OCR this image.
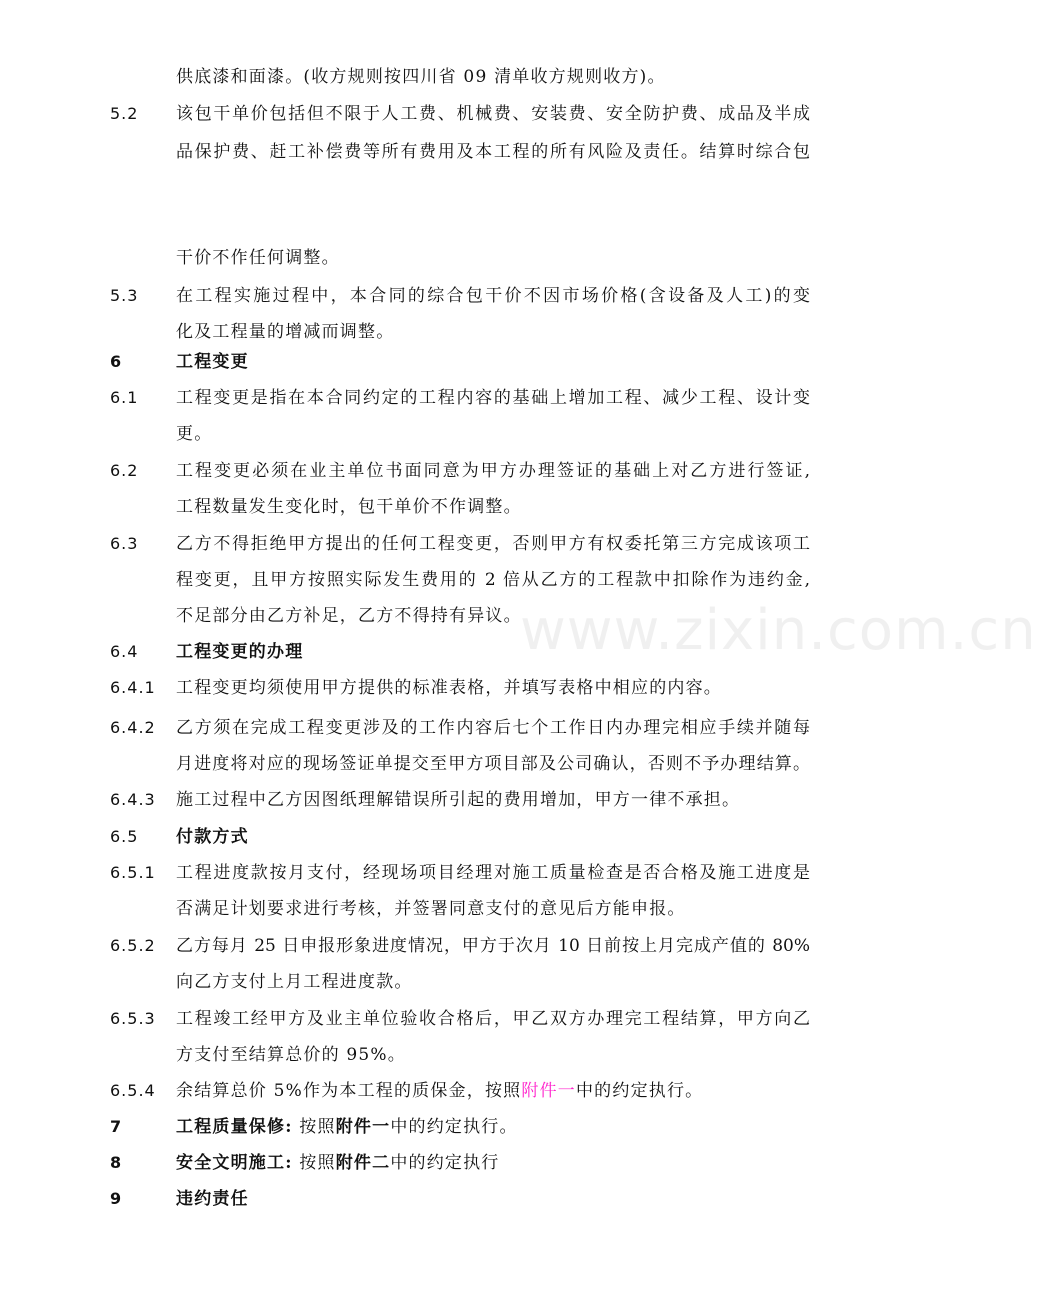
www.zixin.com.cn
供底漆和面漆。(收方规则按四川省 09 清单收方规则收方)。
5.2 该包干单价包括但不限于人工费、机械费、安装费、安全防护费、成品及半成
品保护费、赶工补偿费等所有费用及本工程的所有风险及责任。结算时综合包
干价不作任何调整。
5.3 在工程实施过程中，本合同的综合包干价不因市场价格(含设备及人工)的变
化及工程量的增减而调整。
6	工程变更
6.1 工程变更是指在本合同约定的工程内容的基础上增加工程、减少工程、设计变
更。
6.2 工程变更必须在业主单位书面同意为甲方办理签证的基础上对乙方进行签证,
工程数量发生变化时，包干单价不作调整。
6.3 乙方不得拒绝甲方提出的任何工程变更，否则甲方有权委托第三方完成该项工
程变更，且甲方按照实际发生费用的 2 倍从乙方的工程款中扣除作为违约金,
不足部分由乙方补足，乙方不得持有异议。
6.4 工程变更的办理
6.4.1 工程变更均须使用甲方提供的标准表格，并填写表格中相应的内容。
6.4.2 乙方须在完成工程变更涉及的工作内容后七个工作日内办理完相应手续并随每
月进度将对应的现场签证单提交至甲方项目部及公司确认，否则不予办理结算。
6.4.3 施工过程中乙方因图纸理解错误所引起的费用增加，甲方一律不承担。
6.5 付款方式
6.5.1 工程进度款按月支付，经现场项目经理对施工质量检查是否合格及施工进度是
否满足计划要求进行考核，并签署同意支付的意见后方能申报。
6.5.2 乙方每月 25 日申报形象进度情况，甲方于次月 10 日前按上月完成产值的 80%
向乙方支付上月工程进度款。
6.5.3 工程竣工经甲方及业主单位验收合格后，甲乙双方办理完工程结算，甲方向乙
方支付至结算总价的 95%。
6.5.4 余结算总价 5%作为本工程的质保金，按照附件一中的约定执行。
7	工程质量保修: 按照附件一中的约定执行。
8	安全文明施工: 按照附件二中的约定执行
9	违约责任
